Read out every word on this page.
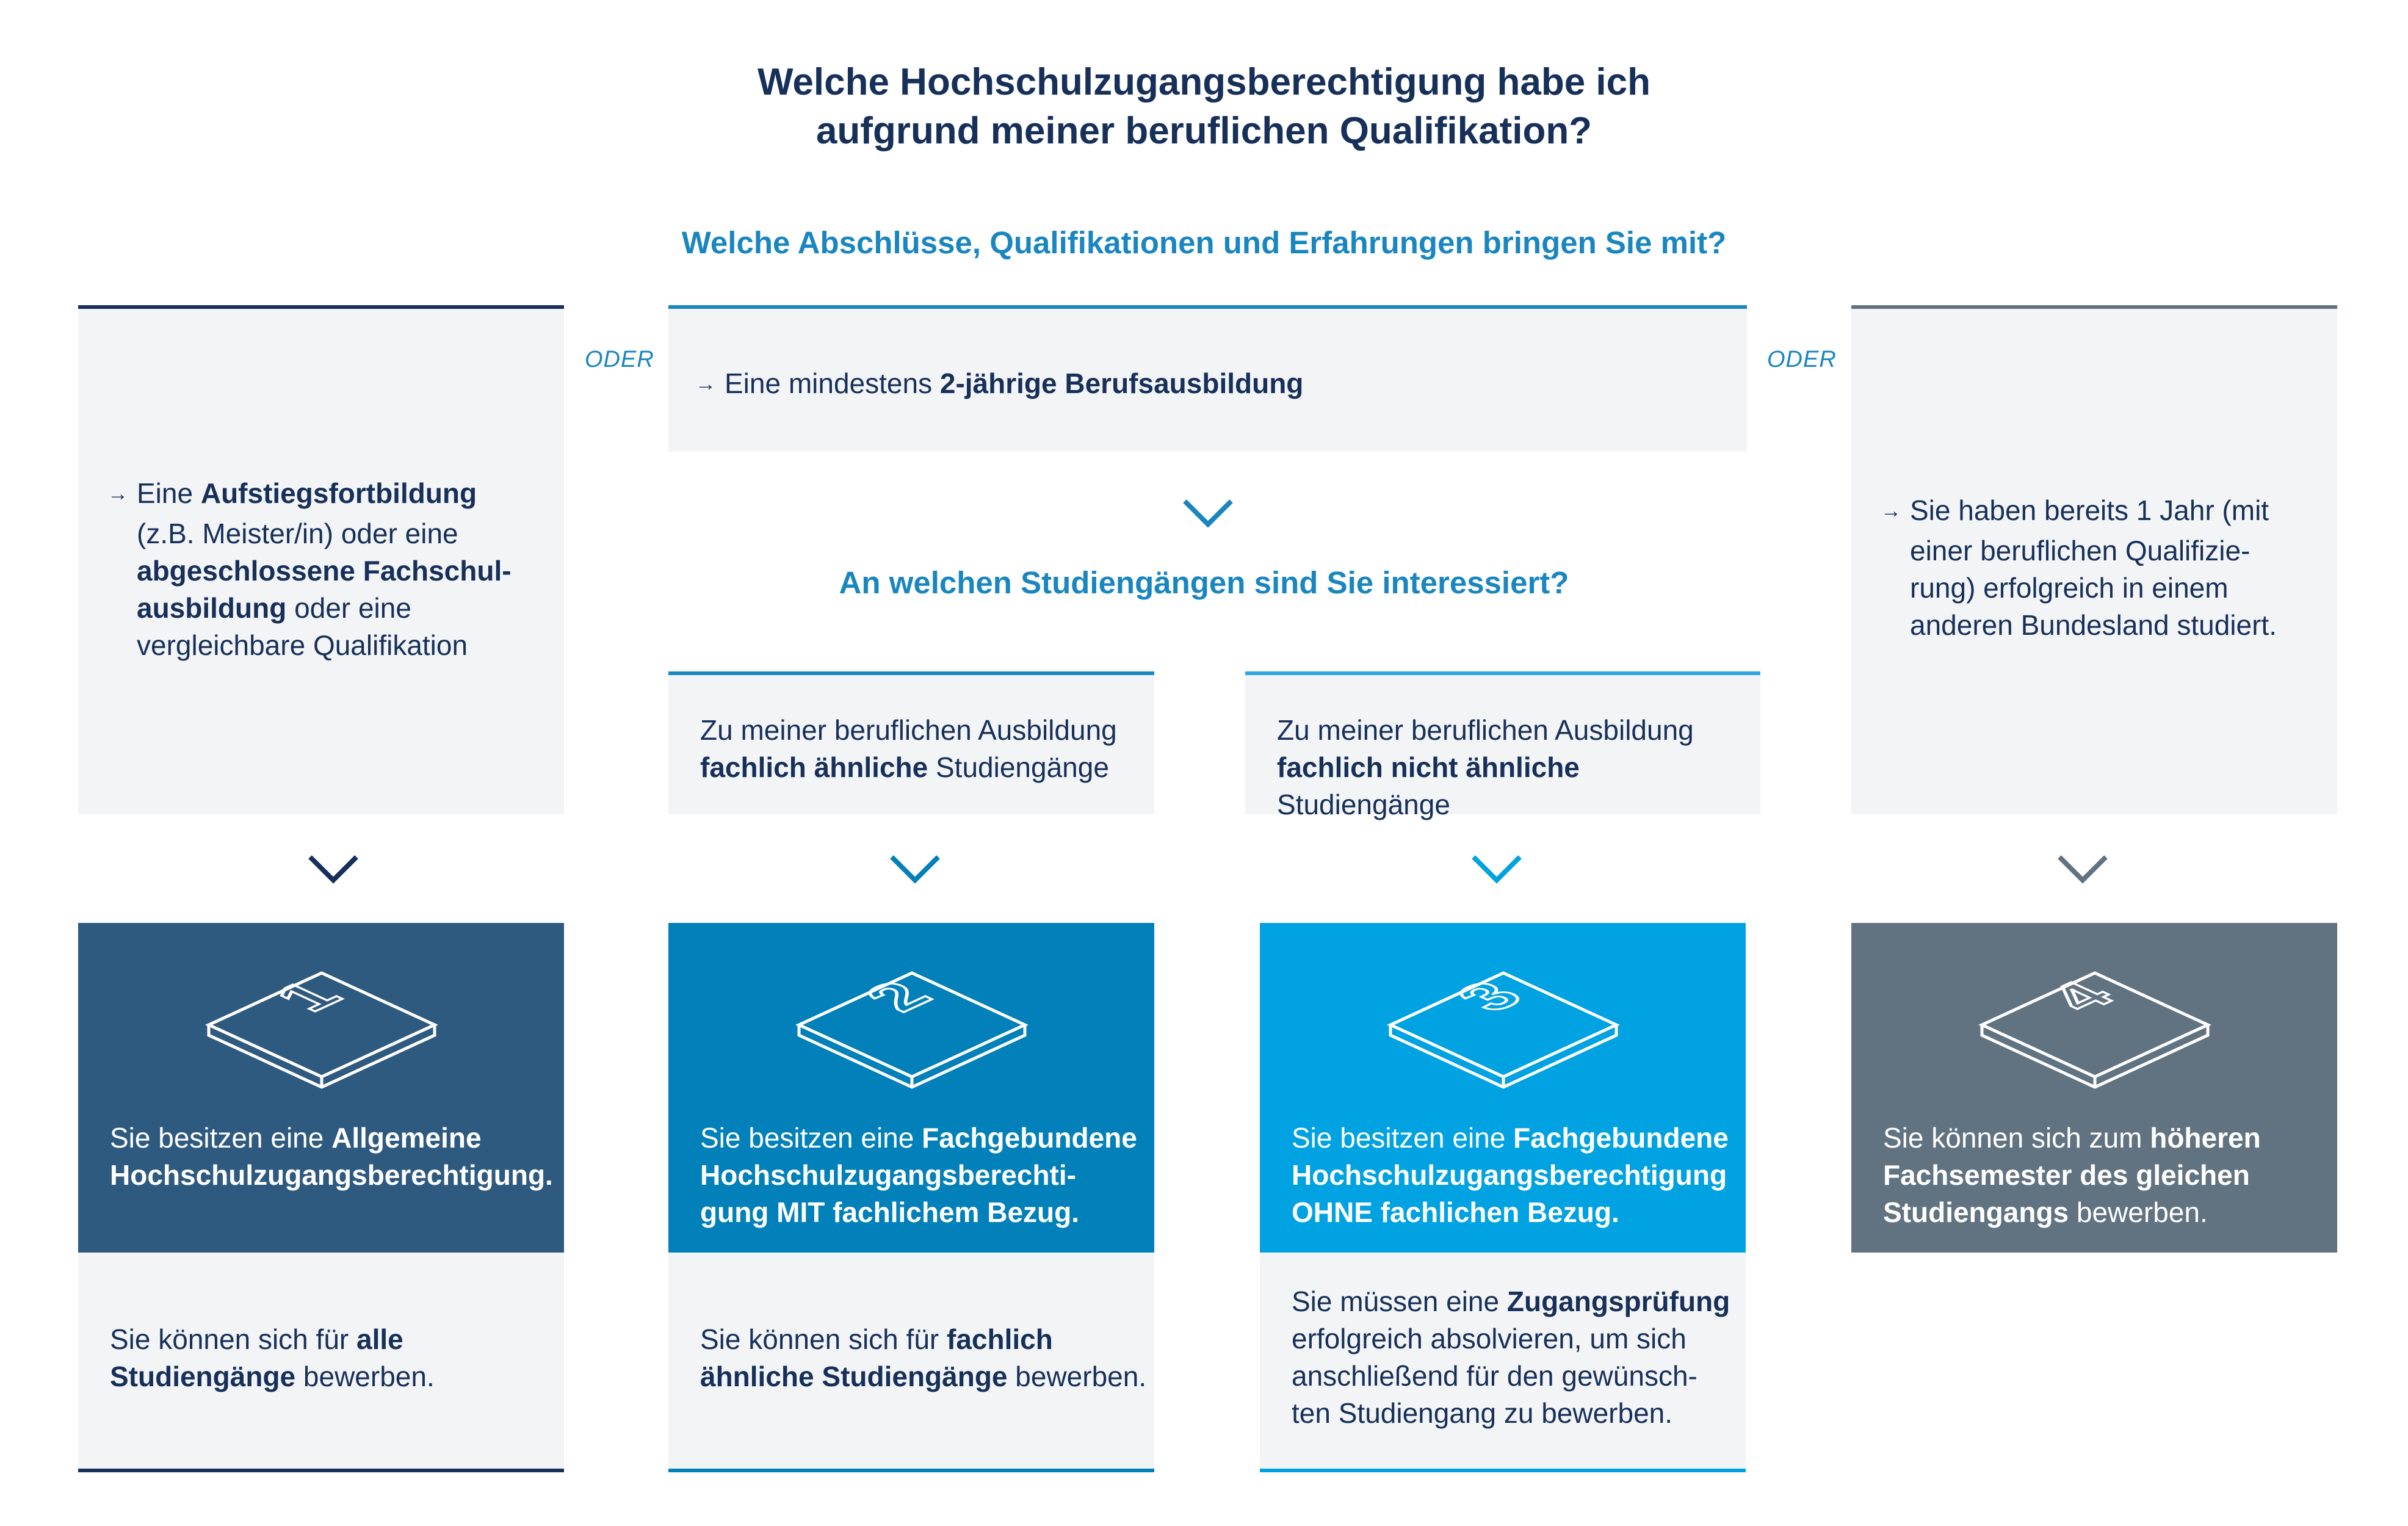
Welche Hochschulzugangsberechtigung habe ich
aufgrund meiner beruflichen Qualifikation?
Welche Abschlüsse, Qualifikationen und Erfahrungen bringen Sie mit?
ODER	ODER
→ Eine Aufstiegsfortbildung
(z.B. Meister/in) oder eine
abgeschlossene Fachschul-
ausbildung oder eine
vergleichbare Qualifikation
→ Eine mindestens 2-jährige Berufsausbildung
An welchen Studiengängen sind Sie interessiert?
→ Sie haben bereits 1 Jahr (mit
einer beruflichen Qualifizie-
rung) erfolgreich in einem
anderen Bundesland studiert.
Zu meiner beruflichen Ausbildung
fachlich ähnliche Studiengänge
Zu meiner beruflichen Ausbildung
fachlich nicht ähnliche Studiengänge
1
Sie besitzen eine Allgemeine
Hochschulzugangsberechtigung.
2
Sie besitzen eine Fachgebundene
Hochschulzugangsberechti-
gung MIT fachlichem Bezug.
3
Sie besitzen eine Fachgebundene
Hochschulzugangsberechtigung
OHNE fachlichen Bezug.
4
Sie können sich zum höheren
Fachsemester des gleichen
Studiengangs bewerben.
Sie können sich für alle
Studiengänge bewerben.
Sie können sich für fachlich
ähnliche Studiengänge bewerben.
Sie müssen eine Zugangsprüfung
erfolgreich absolvieren, um sich
anschließend für den gewünsch-
ten Studiengang zu bewerben.
